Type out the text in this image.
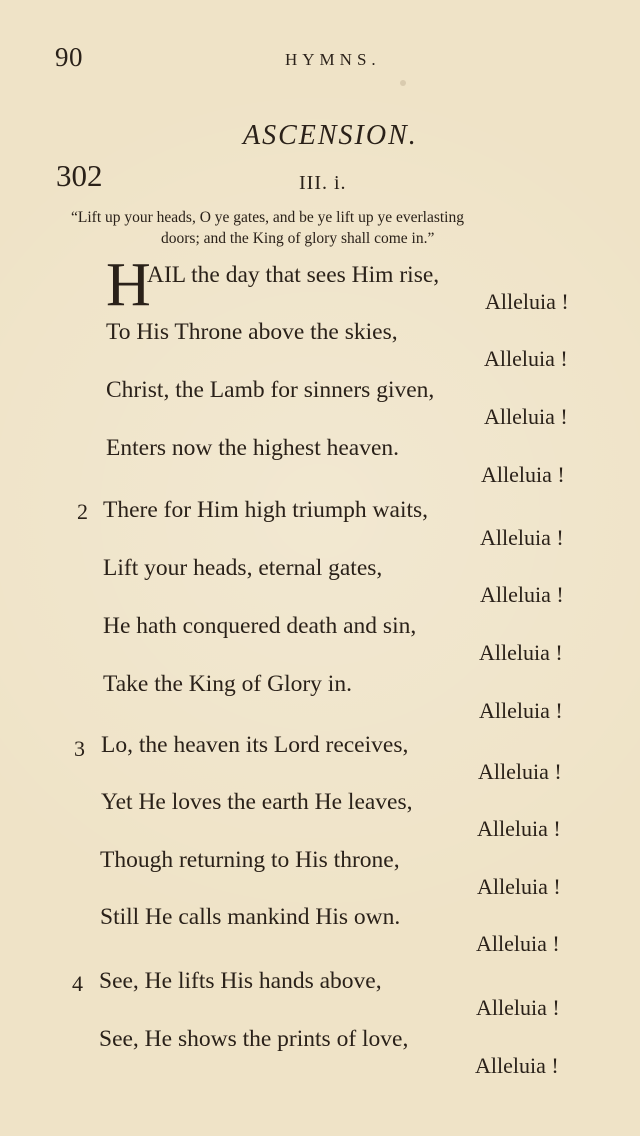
90	HYMNS.
ASCENSION.
302	III. i.
“Lift up your heads, O ye gates, and be ye lift up ye everlasting
doors; and the King of glory shall come in.”
H
AIL the day that sees Him rise,
Alleluia !
To His Throne above the skies,
Alleluia !
Christ, the Lamb for sinners given,
Alleluia !
Enters now the highest heaven.
Alleluia !
2 There for Him high triumph waits,
Alleluia !
Lift your heads, eternal gates,
Alleluia !
He hath conquered death and sin,
Alleluia !
Take the King of Glory in.
Alleluia !
3 Lo, the heaven its Lord receives,
Alleluia !
Yet He loves the earth He leaves,
Alleluia !
Though returning to His throne,
Alleluia !
Still He calls mankind His own.
Alleluia !
4 See, He lifts His hands above,
Alleluia !
See, He shows the prints of love,
Alleluia !
